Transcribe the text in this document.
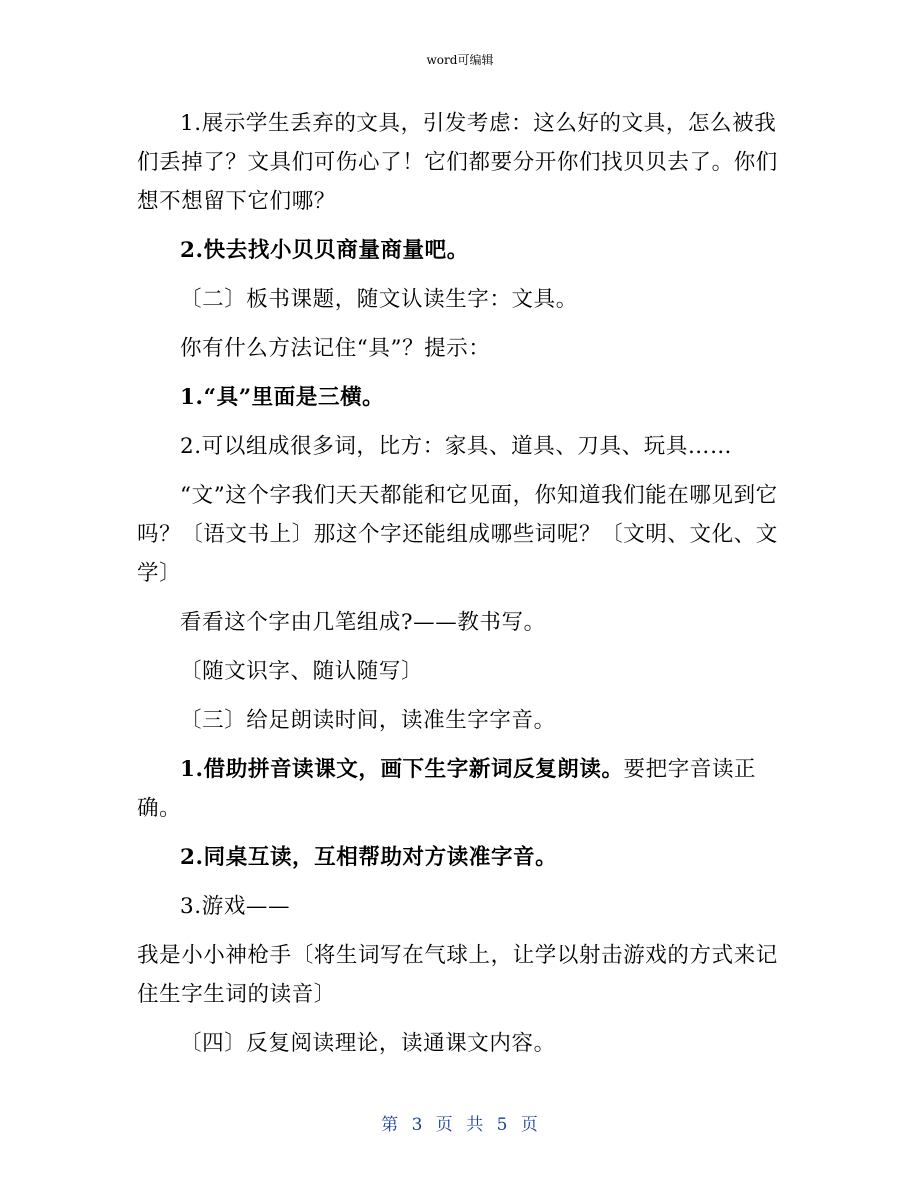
word可编辑

1.展示学生丢弃的文具，引发考虑：这么好的文具，怎么被我们丢掉了？文具们可伤心了！它们都要分开你们找贝贝去了。你们想不想留下它们哪？

2.快去找小贝贝商量商量吧。

〔二〕板书课题，随文认读生字：文具。

你有什么方法记住“具”？提示：

1.“具”里面是三横。

2.可以组成很多词，比方：家具、道具、刀具、玩具……

“文”这个字我们天天都能和它见面，你知道我们能在哪见到它吗？〔语文书上〕那这个字还能组成哪些词呢？〔文明、文化、文学〕

看看这个字由几笔组成?——教书写。

〔随文识字、随认随写〕

〔三〕给足朗读时间，读准生字字音。

1.借助拼音读课文，画下生字新词反复朗读。要把字音读正确。

2.同桌互读，互相帮助对方读准字音。

3.游戏——

我是小小神枪手〔将生词写在气球上，让学以射击游戏的方式来记住生字生词的读音〕

〔四〕反复阅读理论，读通课文内容。

第 3 页 共 5 页
